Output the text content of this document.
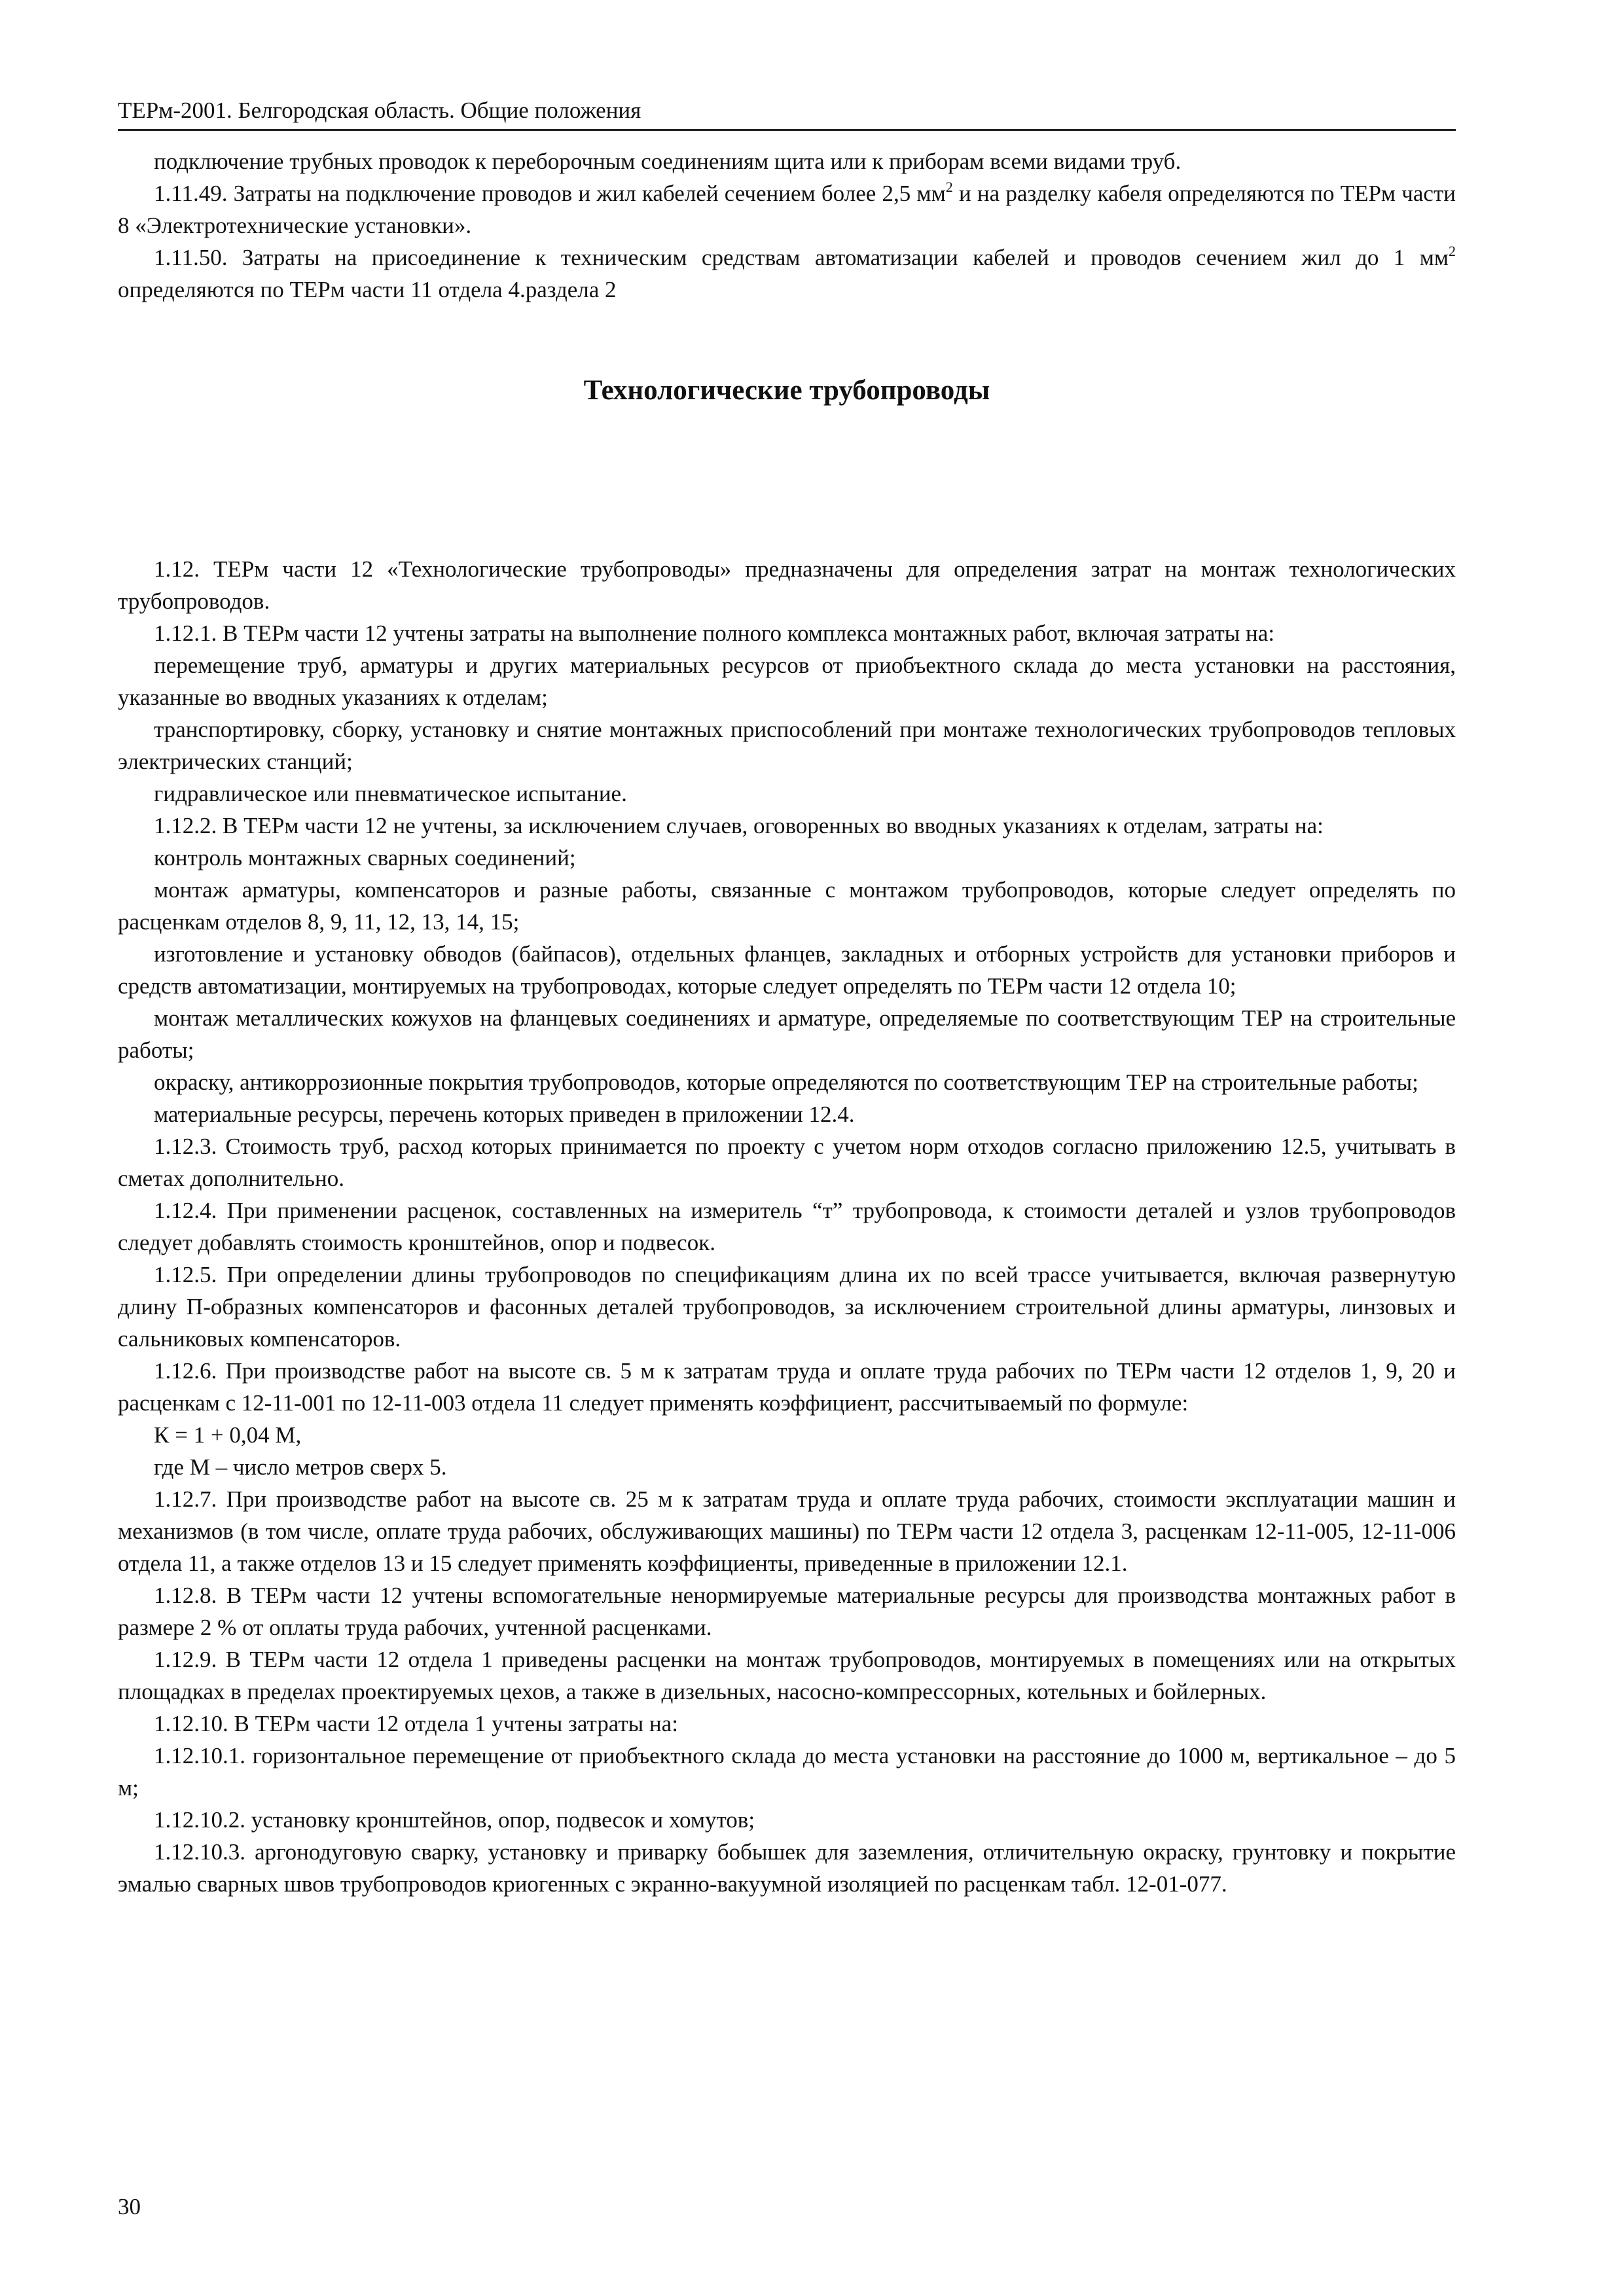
ТЕРм-2001. Белгородская область. Общие положения

подключение трубных проводок к переборочным соединениям щита или к приборам всеми видами труб.

1.11.49. Затраты на подключение проводов и жил кабелей сечением более 2,5 $мм^2$ и на разделку кабеля определяются по ТЕРм части 8 «Электротехнические установки».

1.11.50. Затраты на присоединение к техническим средствам автоматизации кабелей и проводов сечением жил до 1 $мм^2$ определяются по ТЕРм части 11 отдела 4.раздела 2

Технологические трубопроводы

1.12. ТЕРм части 12 «Технологические трубопроводы» предназначены для определения затрат на монтаж технологических трубопроводов.

1.12.1. В ТЕРм части 12 учтены затраты на выполнение полного комплекса монтажных работ, включая затраты на:

перемещение труб, арматуры и других материальных ресурсов от приобъектного склада до места установки на расстояния, указанные во вводных указаниях к отделам;

транспортировку, сборку, установку и снятие монтажных приспособлений при монтаже технологических трубопроводов тепловых электрических станций;

гидравлическое или пневматическое испытание.

1.12.2. В ТЕРм части 12 не учтены, за исключением случаев, оговоренных во вводных указаниях к отделам, затраты на:

контроль монтажных сварных соединений;

монтаж арматуры, компенсаторов и разные работы, связанные с монтажом трубопроводов, которые следует определять по расценкам отделов 8, 9, 11, 12, 13, 14, 15;

изготовление и установку обводов (байпасов), отдельных фланцев, закладных и отборных устройств для установки приборов и средств автоматизации, монтируемых на трубопроводах, которые следует определять по ТЕРм части 12 отдела 10;

монтаж металлических кожухов на фланцевых соединениях и арматуре, определяемые по соответствующим ТЕР на строительные работы;

окраску, антикоррозионные покрытия трубопроводов, которые определяются по соответствующим ТЕР на строительные работы;

материальные ресурсы, перечень которых приведен в приложении 12.4.

1.12.3. Стоимость труб, расход которых принимается по проекту с учетом норм отходов согласно приложению 12.5, учитывать в сметах дополнительно.

1.12.4. При применении расценок, составленных на измеритель “т” трубопровода, к стоимости деталей и узлов трубопроводов следует добавлять стоимость кронштейнов, опор и подвесок.

1.12.5. При определении длины трубопроводов по спецификациям длина их по всей трассе учитывается, включая развернутую длину П-образных компенсаторов и фасонных деталей трубопроводов, за исключением строительной длины арматуры, линзовых и сальниковых компенсаторов.

1.12.6. При производстве работ на высоте св. 5 м к затратам труда и оплате труда рабочих по ТЕРм части 12 отделов 1, 9, 20 и расценкам с 12-11-001 по 12-11-003 отдела 11 следует применять коэффициент, рассчитываемый по формуле:

К = 1 + 0,04 М,

где М – число метров сверх 5.

1.12.7. При производстве работ на высоте св. 25 м к затратам труда и оплате труда рабочих, стоимости эксплуатации машин и механизмов (в том числе, оплате труда рабочих, обслуживающих машины) по ТЕРм части 12 отдела 3, расценкам 12-11-005, 12-11-006 отдела 11, а также отделов 13 и 15 следует применять коэффициенты, приведенные в приложении 12.1.

1.12.8. В ТЕРм части 12 учтены вспомогательные ненормируемые материальные ресурсы для производства монтажных работ в размере 2 % от оплаты труда рабочих, учтенной расценками.

1.12.9. В ТЕРм части 12 отдела 1 приведены расценки на монтаж трубопроводов, монтируемых в помещениях или на открытых площадках в пределах проектируемых цехов, а также в дизельных, насосно-компрессорных, котельных и бойлерных.

1.12.10. В ТЕРм части 12 отдела 1 учтены затраты на:

1.12.10.1. горизонтальное перемещение от приобъектного склада до места установки на расстояние до 1000 м, вертикальное – до 5 м;

1.12.10.2. установку кронштейнов, опор, подвесок и хомутов;

1.12.10.3. аргонодуговую сварку, установку и приварку бобышек для заземления, отличительную окраску, грунтовку и покрытие эмалью сварных швов трубопроводов криогенных с экранно-вакуумной изоляцией по расценкам табл. 12-01-077.

30
